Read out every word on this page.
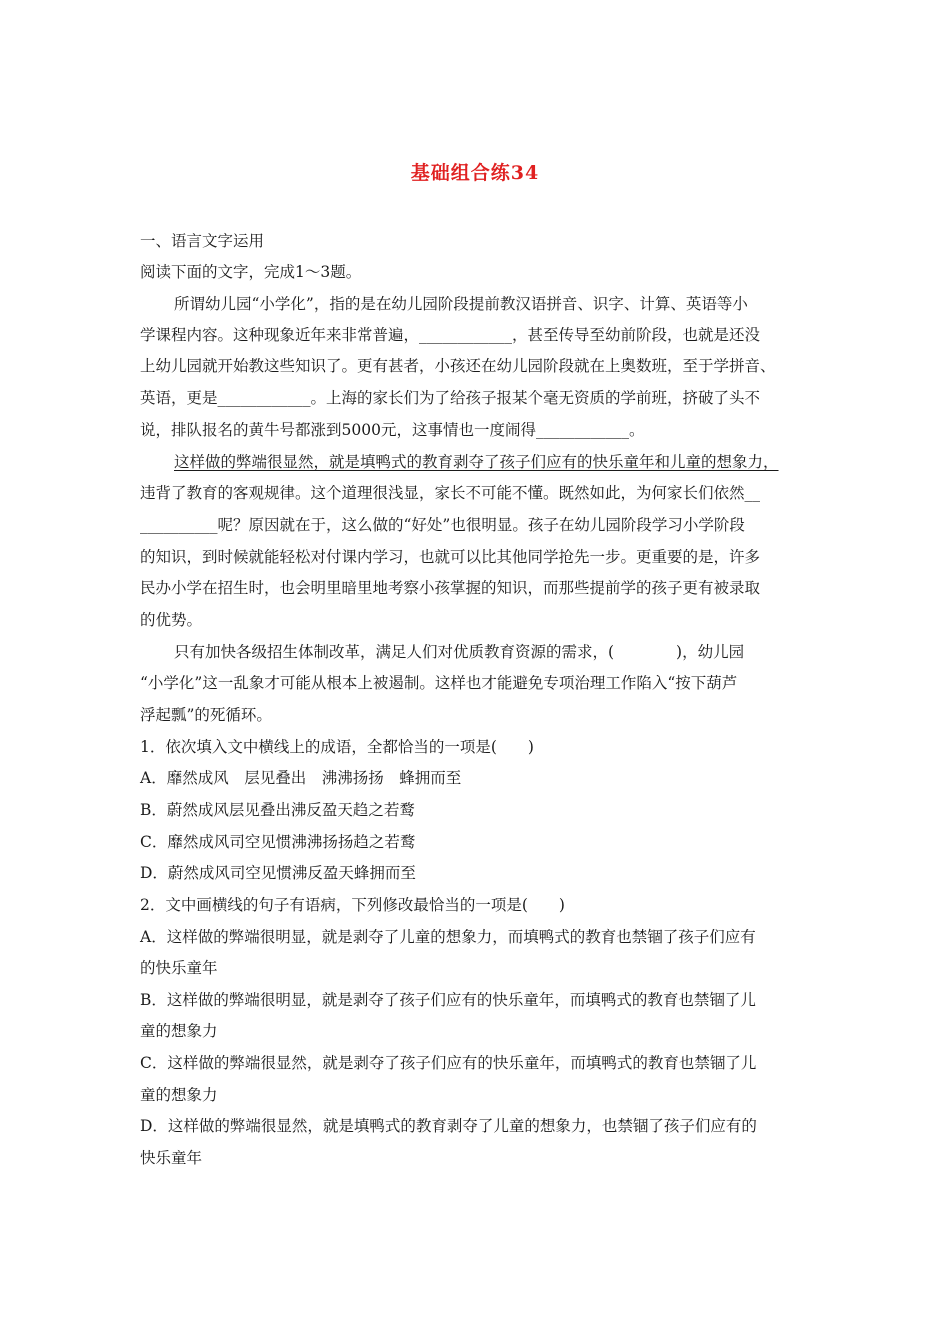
基础组合练34
一、语言文字运用
阅读下面的文字，完成1～3题。
所谓幼儿园“小学化”，指的是在幼儿园阶段提前教汉语拼音、识字、计算、英语等小
学课程内容。这种现象近年来非常普遍，____________，甚至传导至幼前阶段，也就是还没
上幼儿园就开始教这些知识了。更有甚者，小孩还在幼儿园阶段就在上奥数班，至于学拼音、
英语，更是____________。上海的家长们为了给孩子报某个毫无资质的学前班，挤破了头不
说，排队报名的黄牛号都涨到5000元，这事情也一度闹得____________。
这样做的弊端很显然，就是填鸭式的教育剥夺了孩子们应有的快乐童年和儿童的想象力，
违背了教育的客观规律。这个道理很浅显，家长不可能不懂。既然如此，为何家长们依然__
__________呢？原因就在于，这么做的“好处”也很明显。孩子在幼儿园阶段学习小学阶段
的知识，到时候就能轻松对付课内学习，也就可以比其他同学抢先一步。更重要的是，许多
民办小学在招生时，也会明里暗里地考察小孩掌握的知识，而那些提前学的孩子更有被录取
的优势。
只有加快各级招生体制改革，满足人们对优质教育资源的需求，(　　　　)，幼儿园
“小学化”这一乱象才可能从根本上被遏制。这样也才能避免专项治理工作陷入“按下葫芦
浮起瓢”的死循环。
1．依次填入文中横线上的成语，全都恰当的一项是(　　)
A．靡然成风　层见叠出　沸沸扬扬　蜂拥而至
B．蔚然成风层见叠出沸反盈天趋之若鹜
C．靡然成风司空见惯沸沸扬扬趋之若鹜
D．蔚然成风司空见惯沸反盈天蜂拥而至
2．文中画横线的句子有语病，下列修改最恰当的一项是(　　)
A．这样做的弊端很明显，就是剥夺了儿童的想象力，而填鸭式的教育也禁锢了孩子们应有
的快乐童年
B．这样做的弊端很明显，就是剥夺了孩子们应有的快乐童年，而填鸭式的教育也禁锢了儿
童的想象力
C．这样做的弊端很显然，就是剥夺了孩子们应有的快乐童年，而填鸭式的教育也禁锢了儿
童的想象力
D．这样做的弊端很显然，就是填鸭式的教育剥夺了儿童的想象力，也禁锢了孩子们应有的
快乐童年
